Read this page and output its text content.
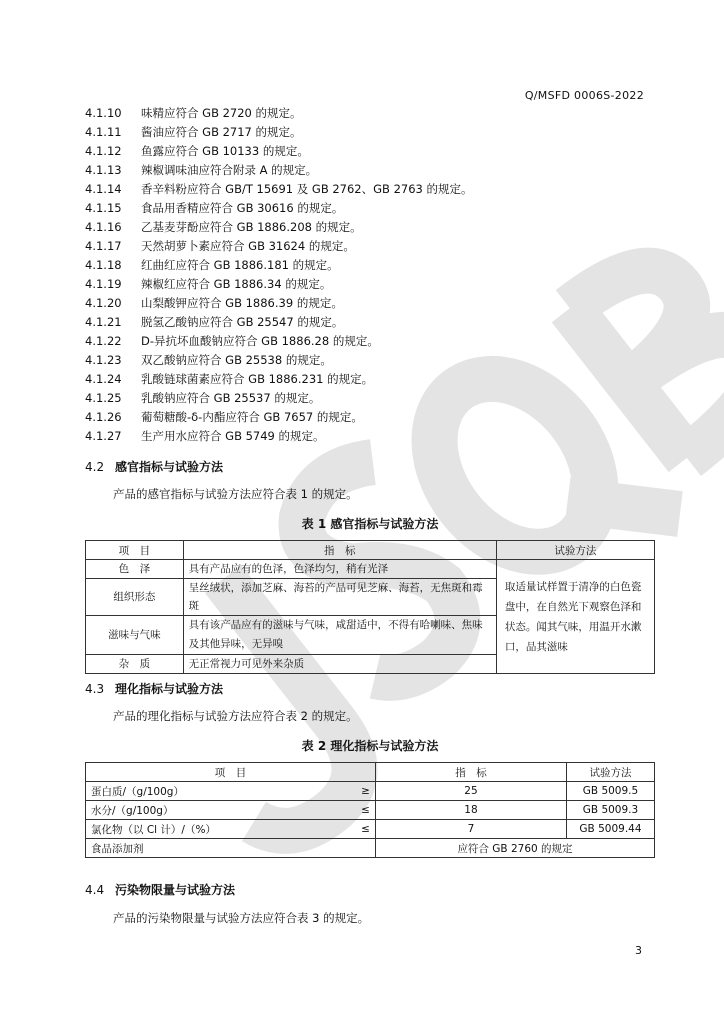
Q/MSFD 0006S-2022
4.1.10 味精应符合 GB 2720 的规定。
4.1.11 酱油应符合 GB 2717 的规定。
4.1.12 鱼露应符合 GB 10133 的规定。
4.1.13 辣椒调味油应符合附录 A 的规定。
4.1.14 香辛料粉应符合 GB/T 15691 及 GB 2762、GB 2763 的规定。
4.1.15 食品用香精应符合 GB 30616 的规定。
4.1.16 乙基麦芽酚应符合 GB 1886.208 的规定。
4.1.17 天然胡萝卜素应符合 GB 31624 的规定。
4.1.18 红曲红应符合 GB 1886.181 的规定。
4.1.19 辣椒红应符合 GB 1886.34 的规定。
4.1.20 山梨酸钾应符合 GB 1886.39 的规定。
4.1.21 脱氢乙酸钠应符合 GB 25547 的规定。
4.1.22 D-异抗坏血酸钠应符合 GB 1886.28 的规定。
4.1.23 双乙酸钠应符合 GB 25538 的规定。
4.1.24 乳酸链球菌素应符合 GB 1886.231 的规定。
4.1.25 乳酸钠应符合 GB 25537 的规定。
4.1.26 葡萄糖酸-δ-内酯应符合 GB 7657 的规定。
4.1.27 生产用水应符合 GB 5749 的规定。
4.2 感官指标与试验方法
产品的感官指标与试验方法应符合表 1 的规定。
表 1 感官指标与试验方法
项　目	指　标	试验方法
色　泽	具有产品应有的色泽，色泽均匀，稍有光泽	取适量试样置于清净的白色瓷盘中，在自然光下观察色泽和状态。闻其气味，用温开水漱口，品其滋味
组织形态	呈丝绒状，添加芝麻、海苔的产品可见芝麻、海苔，无焦斑和霉斑	
滋味与气味	具有该产品应有的滋味与气味，咸甜适中，不得有哈喇味、焦味及其他异味，无异嗅	
杂　质	无正常视力可见外来杂质	
4.3 理化指标与试验方法
产品的理化指标与试验方法应符合表 2 的规定。
表 2 理化指标与试验方法
项　目		指　标	试验方法
蛋白质/（g/100g）	≥	25	GB 5009.5
水分/（g/100g）	≤	18	GB 5009.3
氯化物（以 Cl 计）/（%）	≤	7	GB 5009.44
食品添加剂		应符合 GB 2760 的规定	
4.4 污染物限量与试验方法
产品的污染物限量与试验方法应符合表 3 的规定。
3
